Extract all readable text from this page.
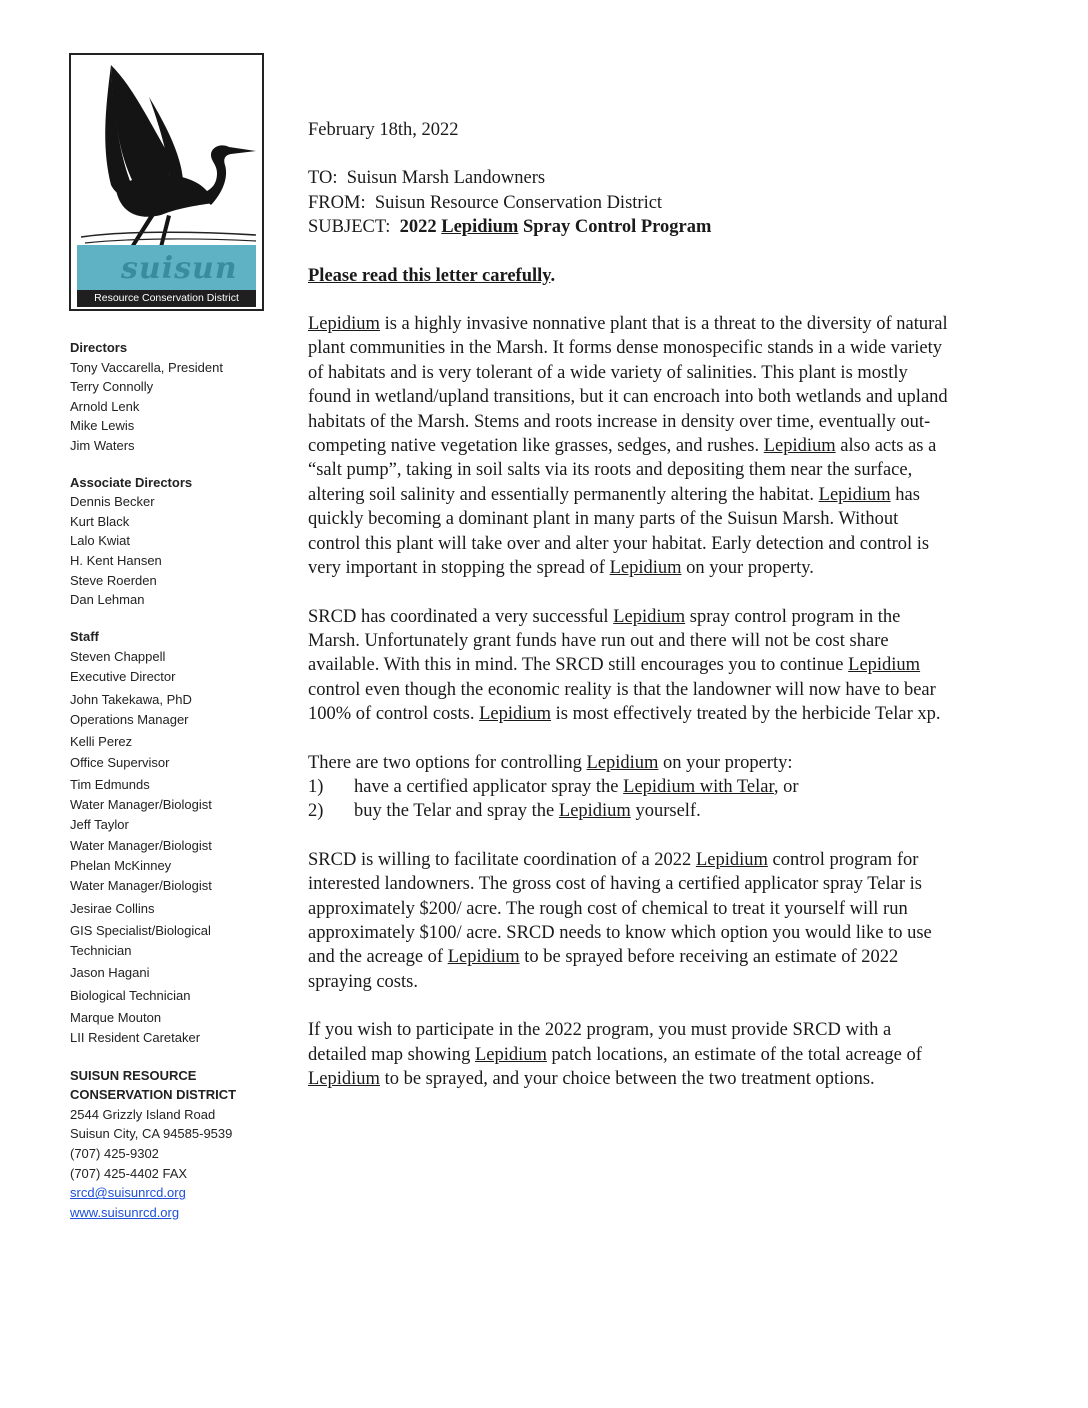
suisun
Resource Conservation District
Directors
Tony Vaccarella, President
Terry Connolly
Arnold Lenk
Mike Lewis
Jim Waters
Associate Directors
Dennis Becker
Kurt Black
Lalo Kwiat
H. Kent Hansen
Steve Roerden
Dan Lehman
Staff
Steven Chappell
Executive Director
John Takekawa, PhD
Operations Manager
Kelli Perez
Office Supervisor
Tim Edmunds
Water Manager/Biologist
Jeff Taylor
Water Manager/Biologist
Phelan McKinney
Water Manager/Biologist
Jesirae Collins
GIS Specialist/Biological
Technician
Jason Hagani
Biological Technician
Marque Mouton
LII Resident Caretaker
SUISUN RESOURCE
CONSERVATION DISTRICT
2544 Grizzly Island Road
Suisun City, CA 94585-9539
(707) 425-9302
(707) 425-4402 FAX
srcd@suisunrcd.org
www.suisunrcd.org

February 18th, 2022

TO: Suisun Marsh Landowners
FROM: Suisun Resource Conservation District
SUBJECT: 2022 Lepidium Spray Control Program

Please read this letter carefully.

Lepidium is a highly invasive nonnative plant that is a threat to the diversity of natural plant communities in the Marsh. It forms dense monospecific stands in a wide variety of habitats and is very tolerant of a wide variety of salinities. This plant is mostly found in wetland/upland transitions, but it can encroach into both wetlands and upland habitats of the Marsh. Stems and roots increase in density over time, eventually out-competing native vegetation like grasses, sedges, and rushes. Lepidium also acts as a “salt pump”, taking in soil salts via its roots and depositing them near the surface, altering soil salinity and essentially permanently altering the habitat. Lepidium has quickly becoming a dominant plant in many parts of the Suisun Marsh. Without control this plant will take over and alter your habitat. Early detection and control is very important in stopping the spread of Lepidium on your property.

SRCD has coordinated a very successful Lepidium spray control program in the Marsh. Unfortunately grant funds have run out and there will not be cost share available. With this in mind. The SRCD still encourages you to continue Lepidium control even though the economic reality is that the landowner will now have to bear 100% of control costs. Lepidium is most effectively treated by the herbicide Telar xp.

There are two options for controlling Lepidium on your property:

1)	have a certified applicator spray the Lepidium with Telar, or
2)	buy the Telar and spray the Lepidium yourself.

SRCD is willing to facilitate coordination of a 2022 Lepidium control program for interested landowners. The gross cost of having a certified applicator spray Telar is approximately $200/ acre. The rough cost of chemical to treat it yourself will run approximately $100/ acre. SRCD needs to know which option you would like to use and the acreage of Lepidium to be sprayed before receiving an estimate of 2022 spraying costs.

If you wish to participate in the 2022 program, you must provide SRCD with a detailed map showing Lepidium patch locations, an estimate of the total acreage of Lepidium to be sprayed, and your choice between the two treatment options.
